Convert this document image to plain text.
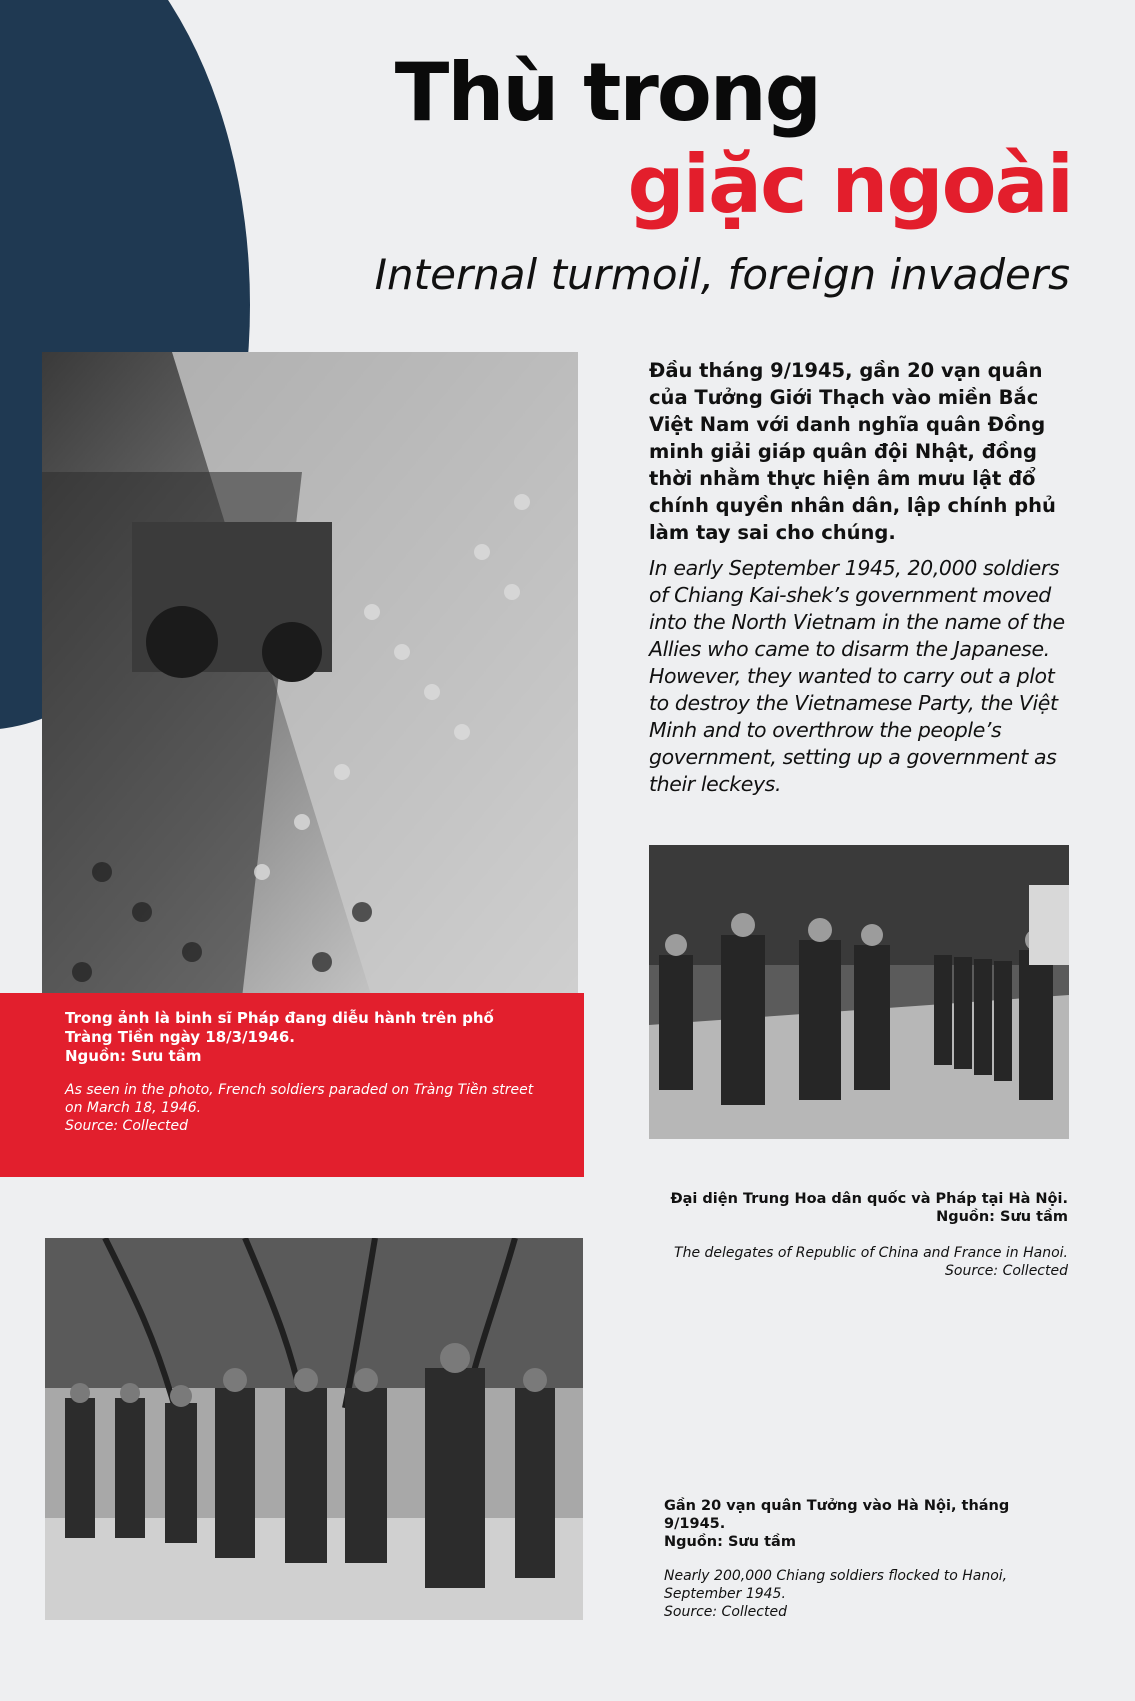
Thù trong
giặc ngoài
Internal turmoil, foreign invaders
Trong ảnh là binh sĩ Pháp đang diễu hành trên phố Tràng Tiền ngày 18/3/1946.
Nguồn: Sưu tầm
As seen in the photo, French soldiers paraded on Tràng Tiền street on March 18, 1946.
Source: Collected
Đầu tháng 9/1945, gần 20 vạn quân của Tưởng Giới Thạch vào miền Bắc Việt Nam với danh nghĩa quân Đồng minh giải giáp quân đội Nhật, đồng thời nhằm thực hiện âm mưu lật đổ chính quyền nhân dân, lập chính phủ làm tay sai cho chúng.
In early September 1945, 20,000 soldiers of Chiang Kai-shek’s government moved into the North Vietnam in the name of the Allies who came to disarm the Japanese. However, they wanted to carry out a plot to destroy the Vietnamese Party, the Việt Minh and to overthrow the people’s government, setting up a government as their leckeys.
Đại diện Trung Hoa dân quốc và Pháp tại Hà Nội.
Nguồn: Sưu tầm
The delegates of Republic of China and France in Hanoi.
Source: Collected
Gần 20 vạn quân Tưởng vào Hà Nội, tháng 9/1945.
Nguồn: Sưu tầm
Nearly 200,000 Chiang soldiers flocked to Hanoi, September 1945.
Source: Collected
